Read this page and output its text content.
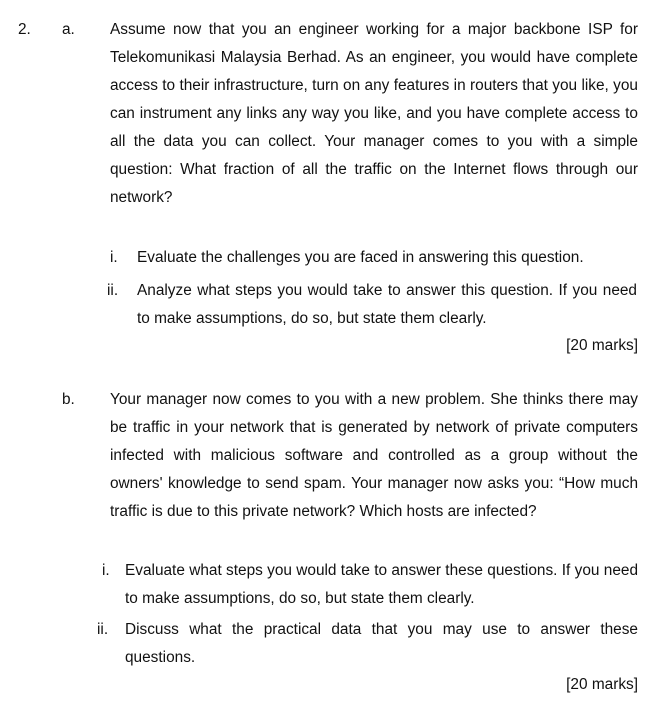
2. a. Assume now that you an engineer working for a major backbone ISP for Telekomunikasi Malaysia Berhad. As an engineer, you would have complete access to their infrastructure, turn on any features in routers that you like, you can instrument any links any way you like, and you have complete access to all the data you can collect. Your manager comes to you with a simple question: What fraction of all the traffic on the Internet flows through our network?
i. Evaluate the challenges you are faced in answering this question.
ii. Analyze what steps you would take to answer this question. If you need to make assumptions, do so, but state them clearly.
[20 marks]
b. Your manager now comes to you with a new problem. She thinks there may be traffic in your network that is generated by network of private computers infected with malicious software and controlled as a group without the owners' knowledge to send spam. Your manager now asks you: “How much traffic is due to this private network? Which hosts are infected?
i. Evaluate what steps you would take to answer these questions. If you need to make assumptions, do so, but state them clearly.
ii. Discuss what the practical data that you may use to answer these questions.
[20 marks]
